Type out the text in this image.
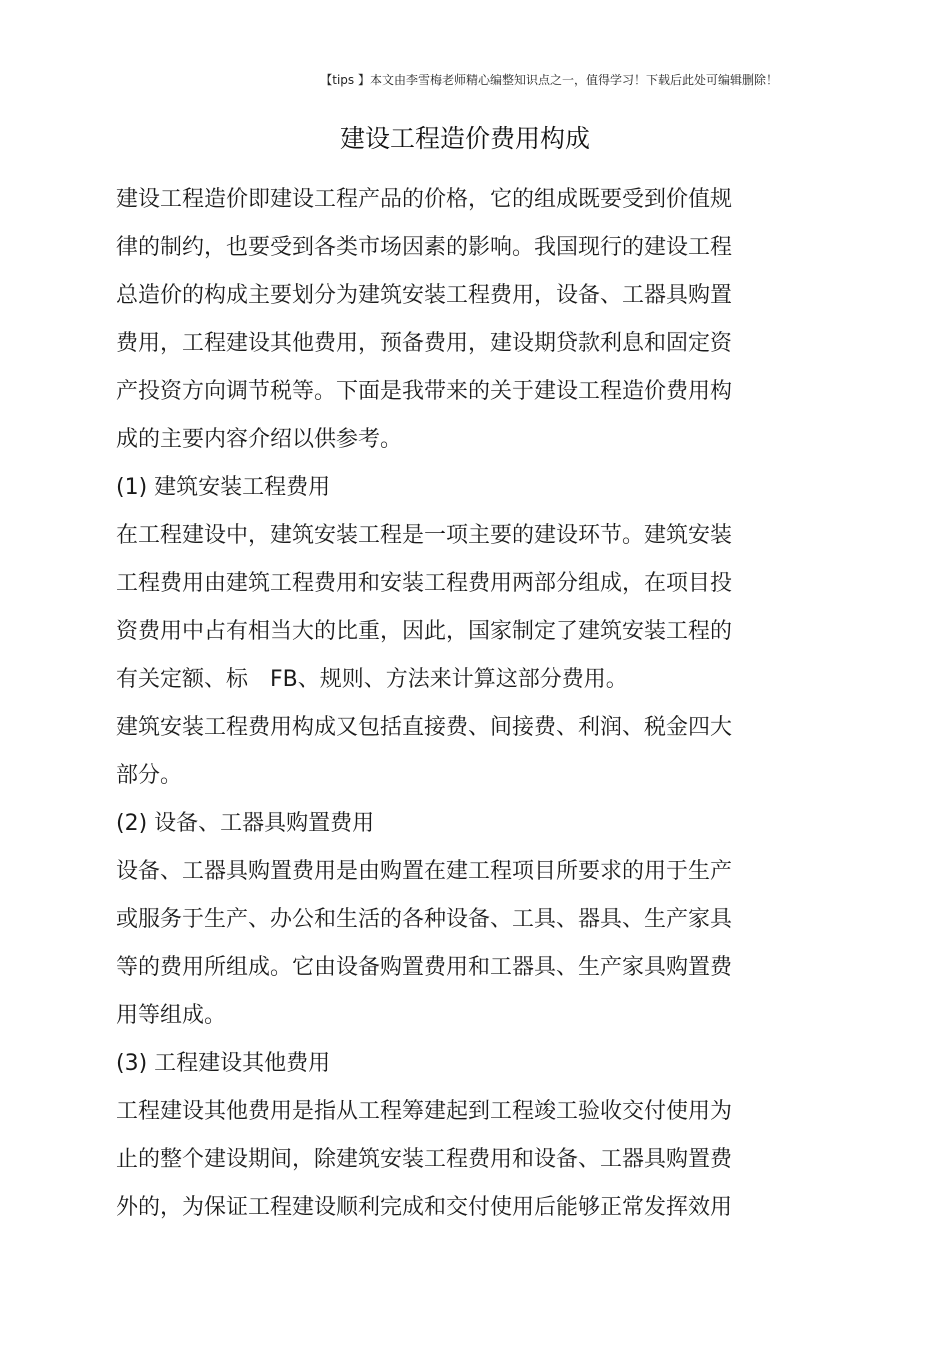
【tips 】本文由李雪梅老师精心编整知识点之一，值得学习！下载后此处可编辑删除！
建设工程造价费用构成
建设工程造价即建设工程产品的价格，它的组成既要受到价值规
律的制约，也要受到各类市场因素的影响。我国现行的建设工程
总造价的构成主要划分为建筑安装工程费用，设备、工器具购置
费用，工程建设其他费用，预备费用，建设期贷款利息和固定资
产投资方向调节税等。下面是我带来的关于建设工程造价费用构
成的主要内容介绍以供参考。
(1) 建筑安装工程费用
在工程建设中，建筑安装工程是一项主要的建设环节。建筑安装
工程费用由建筑工程费用和安装工程费用两部分组成，在项目投
资费用中占有相当大的比重，因此，国家制定了建筑安装工程的
有关定额、标　FB、规则、方法来计算这部分费用。
建筑安装工程费用构成又包括直接费、间接费、利润、税金四大
部分。
(2) 设备、工器具购置费用
设备、工器具购置费用是由购置在建工程项目所要求的用于生产
或服务于生产、办公和生活的各种设备、工具、器具、生产家具
等的费用所组成。它由设备购置费用和工器具、生产家具购置费
用等组成。
(3) 工程建设其他费用
工程建设其他费用是指从工程筹建起到工程竣工验收交付使用为
止的整个建设期间，除建筑安装工程费用和设备、工器具购置费
外的，为保证工程建设顺利完成和交付使用后能够正常发挥效用
